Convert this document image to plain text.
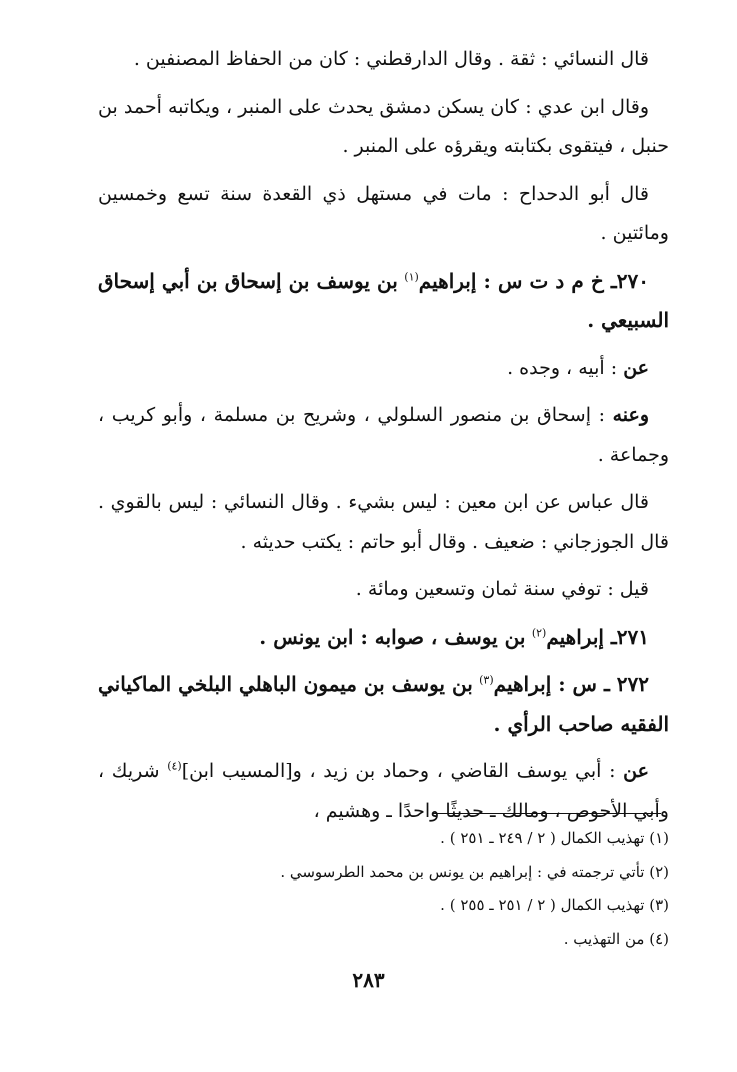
قال النسائي : ثقة . وقال الدارقطني : كان من الحفاظ المصنفين .

وقال ابن عدي : كان يسكن دمشق يحدث على المنبر ، ويكاتبه أحمد بن حنبل ، فيتقوى بكتابته ويقرؤه على المنبر .

قال أبو الدحداح : مات في مستهل ذي القعدة سنة تسع وخمسين ومائتين .

٢٧٠ـ خ م د ت س : إبراهيم$^{(١)}$ بن يوسف بن إسحاق بن أبي إسحاق السبيعي .

عن : أبيه ، وجده .

وعنه : إسحاق بن منصور السلولي ، وشريح بن مسلمة ، وأبو كريب ، وجماعة .

قال عباس عن ابن معين : ليس بشيء . وقال النسائي : ليس بالقوي . قال الجوزجاني : ضعيف . وقال أبو حاتم : يكتب حديثه .

قيل : توفي سنة ثمان وتسعين ومائة .

٢٧١ـ إبراهيم$^{(٢)}$ بن يوسف ، صوابه : ابن يونس .

٢٧٢ ـ س : إبراهيم$^{(٣)}$ بن يوسف بن ميمون الباهلي البلخي الماكياني الفقيه صاحب الرأي .

عن : أبي يوسف القاضي ، وحماد بن زيد ، و[المسيب ابن]$^{(٤)}$ شريك ، وأبي الأحوص ، ومالك ـ حديثًا واحدًا ـ وهشيم ،

(١) تهذيب الكمال ( ٢ / ٢٤٩ ـ ٢٥١ ) .
(٢) تأتي ترجمته في : إبراهيم بن يونس بن محمد الطرسوسي .
(٣) تهذيب الكمال ( ٢ / ٢٥١ ـ ٢٥٥ ) .
(٤) من التهذيب .
٢٨٣
